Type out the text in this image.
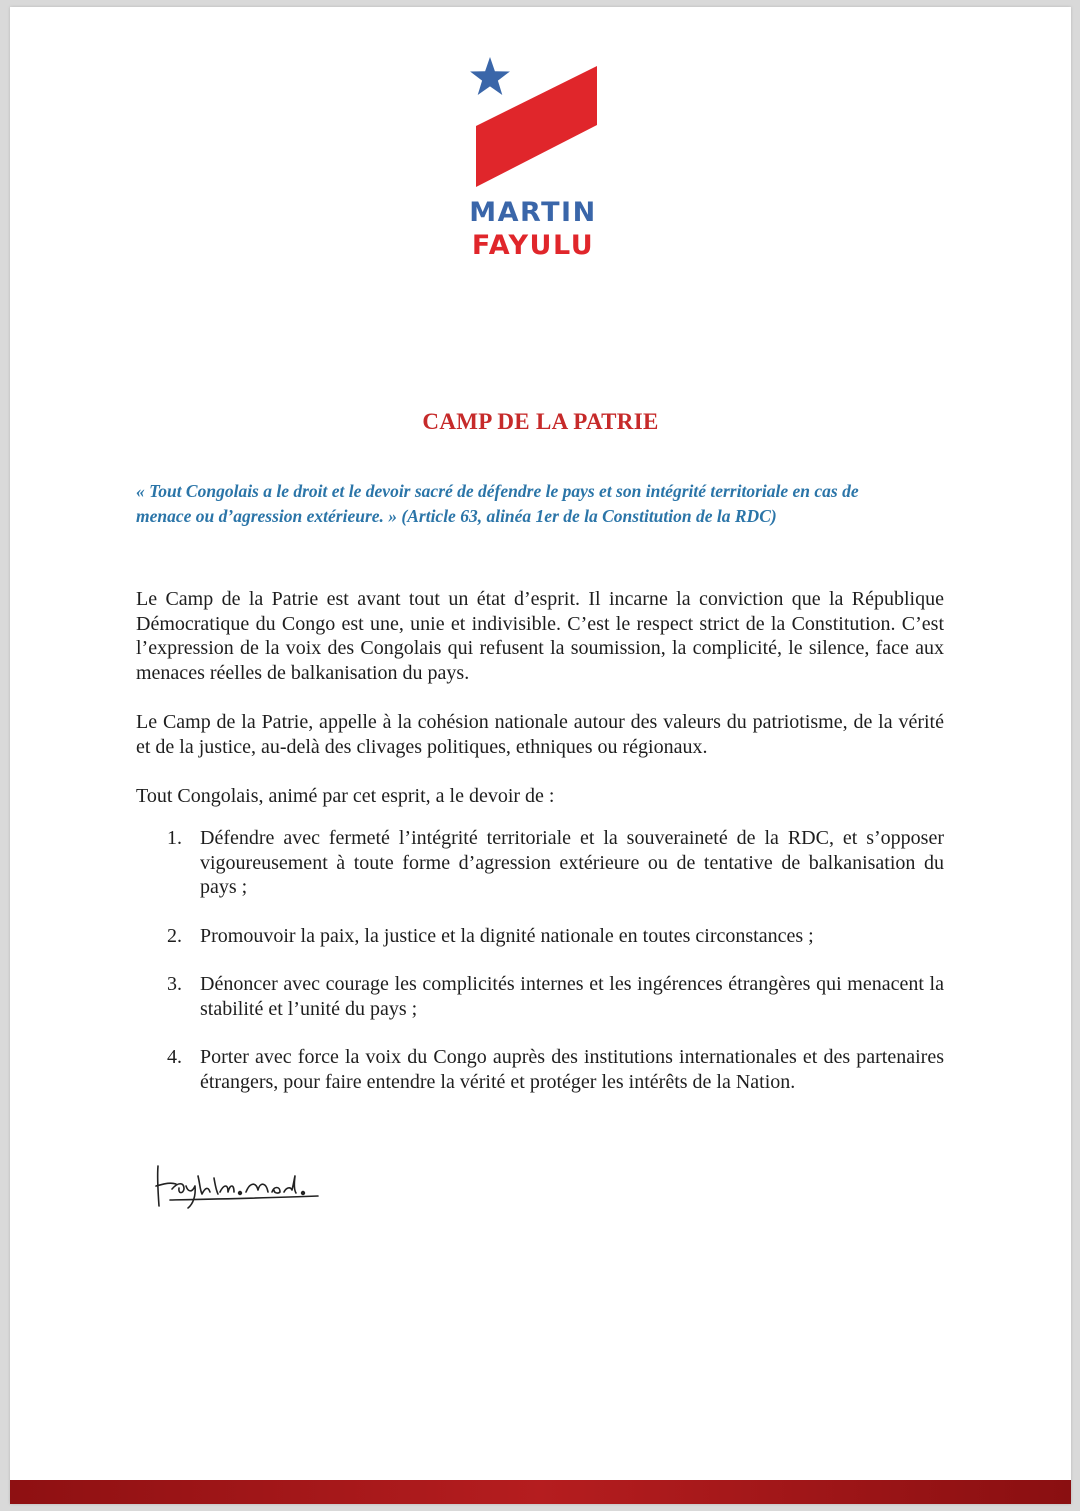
MARTIN
FAYULU
CAMP DE LA PATRIE
« Tout Congolais a le droit et le devoir sacré de défendre le pays et son intégrité territoriale en cas de
menace ou d’agression extérieure. » (Article 63, alinéa 1er de la Constitution de la RDC)
Le Camp de la Patrie est avant tout un état d’esprit. Il incarne la conviction que la République Démocratique du Congo est une, unie et indivisible. C’est le respect strict de la Constitution. C’est l’expression de la voix des Congolais qui refusent la soumission, la complicité, le silence, face aux menaces réelles de balkanisation du pays.
Le Camp de la Patrie, appelle à la cohésion nationale autour des valeurs du patriotisme, de la vérité et de la justice, au-delà des clivages politiques, ethniques ou régionaux.
Tout Congolais, animé par cet esprit, a le devoir de :
1. Défendre avec fermeté l’intégrité territoriale et la souveraineté de la RDC, et s’opposer vigoureusement à toute forme d’agression extérieure ou de tentative de balkanisation du pays ;
2. Promouvoir la paix, la justice et la dignité nationale en toutes circonstances ;
3. Dénoncer avec courage les complicités internes et les ingérences étrangères qui menacent la stabilité et l’unité du pays ;
4. Porter avec force la voix du Congo auprès des institutions internationales et des partenaires étrangers, pour faire entendre la vérité et protéger les intérêts de la Nation.
